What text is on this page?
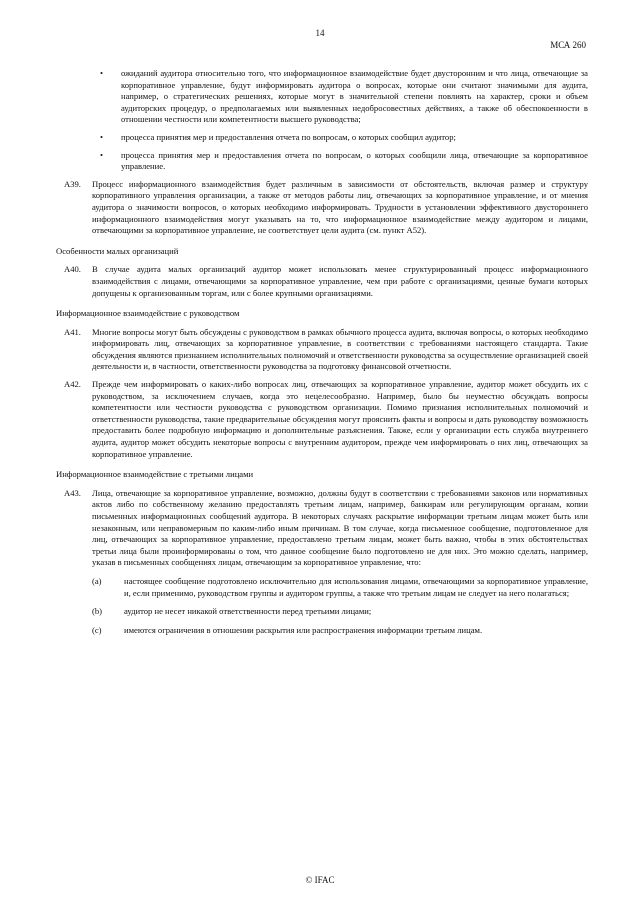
14
МСА 260
• ожиданий аудитора относительно того, что информационное взаимодействие будет двусторонним и что лица, отвечающие за корпоративное управление, будут информировать аудитора о вопросах, которые они считают значимыми для аудита, например, о стратегических решениях, которые могут в значительной степени повлиять на характер, сроки и объем аудиторских процедур, о предполагаемых или выявленных недобросовестных действиях, а также об обеспокоенности в отношении честности или компетентности высшего руководства;
• процесса принятия мер и предоставления отчета по вопросам, о которых сообщил аудитор;
• процесса принятия мер и предоставления отчета по вопросам, о которых сообщили лица, отвечающие за корпоративное управление.
A39.	Процесс информационного взаимодействия будет различным в зависимости от обстоятельств, включая размер и структуру корпоративного управления организации, а также от методов работы лиц, отвечающих за корпоративное управление, и от мнения аудитора о значимости вопросов, о которых необходимо информировать. Трудности в установлении эффективного двустороннего информационного взаимодействия могут указывать на то, что информационное взаимодействие между аудитором и лицами, отвечающими за корпоративное управление, не соответствует цели аудита (см. пункт A52).
Особенности малых организаций
A40.	В случае аудита малых организаций аудитор может использовать менее структурированный процесс информационного взаимодействия с лицами, отвечающими за корпоративное управление, чем при работе с организациями, ценные бумаги которых допущены к организованным торгам, или с более крупными организациями.
Информационное взаимодействие с руководством
A41.	Многие вопросы могут быть обсуждены с руководством в рамках обычного процесса аудита, включая вопросы, о которых необходимо информировать лиц, отвечающих за корпоративное управление, в соответствии с требованиями настоящего стандарта. Такие обсуждения являются признанием исполнительных полномочий и ответственности руководства за осуществление организацией своей деятельности и, в частности, ответственности руководства за подготовку финансовой отчетности.
A42.	Прежде чем информировать о каких-либо вопросах лиц, отвечающих за корпоративное управление, аудитор может обсудить их с руководством, за исключением случаев, когда это нецелесообразно. Например, было бы неуместно обсуждать вопросы компетентности или честности руководства с руководством организации. Помимо признания исполнительных полномочий и ответственности руководства, такие предварительные обсуждения могут прояснить факты и вопросы и дать руководству возможность предоставить более подробную информацию и дополнительные разъяснения. Также, если у организации есть служба внутреннего аудита, аудитор может обсудить некоторые вопросы с внутренним аудитором, прежде чем информировать о них лиц, отвечающих за корпоративное управление.
Информационное взаимодействие с третьими лицами
A43.	Лица, отвечающие за корпоративное управление, возможно, должны будут в соответствии с требованиями законов или нормативных актов либо по собственному желанию предоставлять третьим лицам, например, банкирам или регулирующим органам, копии письменных информационных сообщений аудитора. В некоторых случаях раскрытие информации третьим лицам может быть или незаконным, или неправомерным по каким-либо иным причинам. В том случае, когда письменное сообщение, подготовленное для лиц, отвечающих за корпоративное управление, предоставлено третьим лицам, может быть важно, чтобы в этих обстоятельствах третьи лица были проинформированы о том, что данное сообщение было подготовлено не для них. Это можно сделать, например, указав в письменных сообщениях лицам, отвечающим за корпоративное управление, что:
(a)	настоящее сообщение подготовлено исключительно для использования лицами, отвечающими за корпоративное управление, и, если применимо, руководством группы и аудитором группы, а также что третьим лицам не следует на него полагаться;
(b)	аудитор не несет никакой ответственности перед третьими лицами;
(c)	имеются ограничения в отношении раскрытия или распространения информации третьим лицам.
© IFAC
